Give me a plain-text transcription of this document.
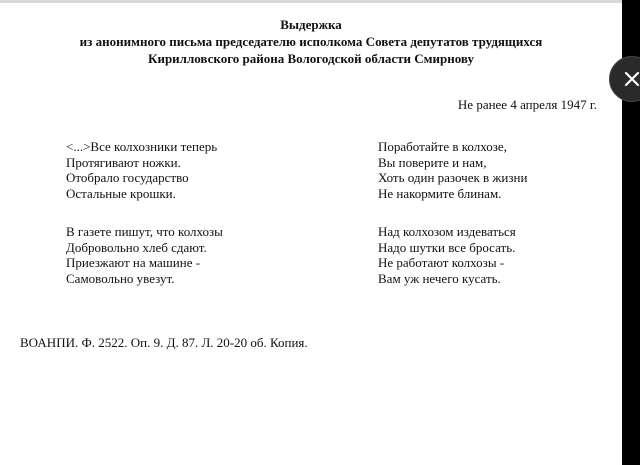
Выдержка
из анонимного письма председателю исполкома Совета депутатов трудящихся
Кирилловского района Вологодской области Смирнову
Не ранее 4 апреля 1947 г.
<...>Все колхозники теперь
Протягивают ножки.
Отобрало государство
Остальные крошки.
В газете пишут, что колхозы
Добровольно хлеб сдают.
Приезжают на машине -
Самовольно увезут.
Поработайте в колхозе,
Вы поверите и нам,
Хоть один разочек в жизни
Не накормите блинам.
Над колхозом издеваться
Надо шутки все бросать.
Не работают колхозы -
Вам уж нечего кусать.
ВОАНПИ. Ф. 2522. Оп. 9. Д. 87. Л. 20-20 об. Копия.
